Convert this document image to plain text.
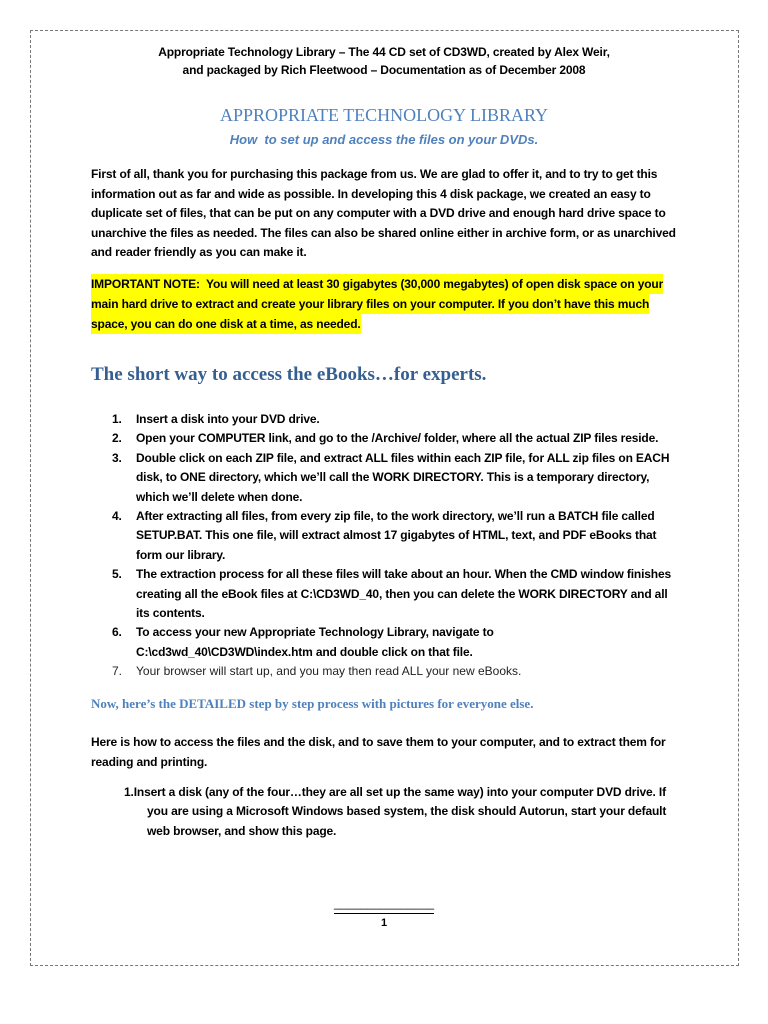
Appropriate Technology Library – The 44 CD set of CD3WD, created by Alex Weir,
and packaged by Rich Fleetwood – Documentation as of December 2008
APPROPRIATE TECHNOLOGY LIBRARY
How  to set up and access the files on your DVDs.
First of all, thank you for purchasing this package from us. We are glad to offer it, and to try to get this
information out as far and wide as possible. In developing this 4 disk package, we created an easy to
duplicate set of files, that can be put on any computer with a DVD drive and enough hard drive space to
unarchive the files as needed. The files can also be shared online either in archive form, or as unarchived
and reader friendly as you can make it.
IMPORTANT NOTE:  You will need at least 30 gigabytes (30,000 megabytes) of open disk space on your
main hard drive to extract and create your library files on your computer. If you don’t have this much
space, you can do one disk at a time, as needed.
The short way to access the eBooks…for experts.
1.	Insert a disk into your DVD drive.
2.	Open your COMPUTER link, and go to the /Archive/ folder, where all the actual ZIP files reside.
3.	Double click on each ZIP file, and extract ALL files within each ZIP file, for ALL zip files on EACH
disk, to ONE directory, which we’ll call the WORK DIRECTORY. This is a temporary directory,
which we’ll delete when done.
4.	After extracting all files, from every zip file, to the work directory, we’ll run a BATCH file called
SETUP.BAT. This one file, will extract almost 17 gigabytes of HTML, text, and PDF eBooks that
form our library.
5.	The extraction process for all these files will take about an hour. When the CMD window finishes
creating all the eBook files at C:\CD3WD_40, then you can delete the WORK DIRECTORY and all
its contents.
6.	To access your new Appropriate Technology Library, navigate to
C:\cd3wd_40\CD3WD\index.htm and double click on that file.
7.	Your browser will start up, and you may then read ALL your new eBooks.
Now, here’s the DETAILED step by step process with pictures for everyone else.
Here is how to access the files and the disk, and to save them to your computer, and to extract them for
reading and printing.
1.Insert a disk (any of the four…they are all set up the same way) into your computer DVD drive. If
you are using a Microsoft Windows based system, the disk should Autorun, start your default
web browser, and show this page.
_______________
1
